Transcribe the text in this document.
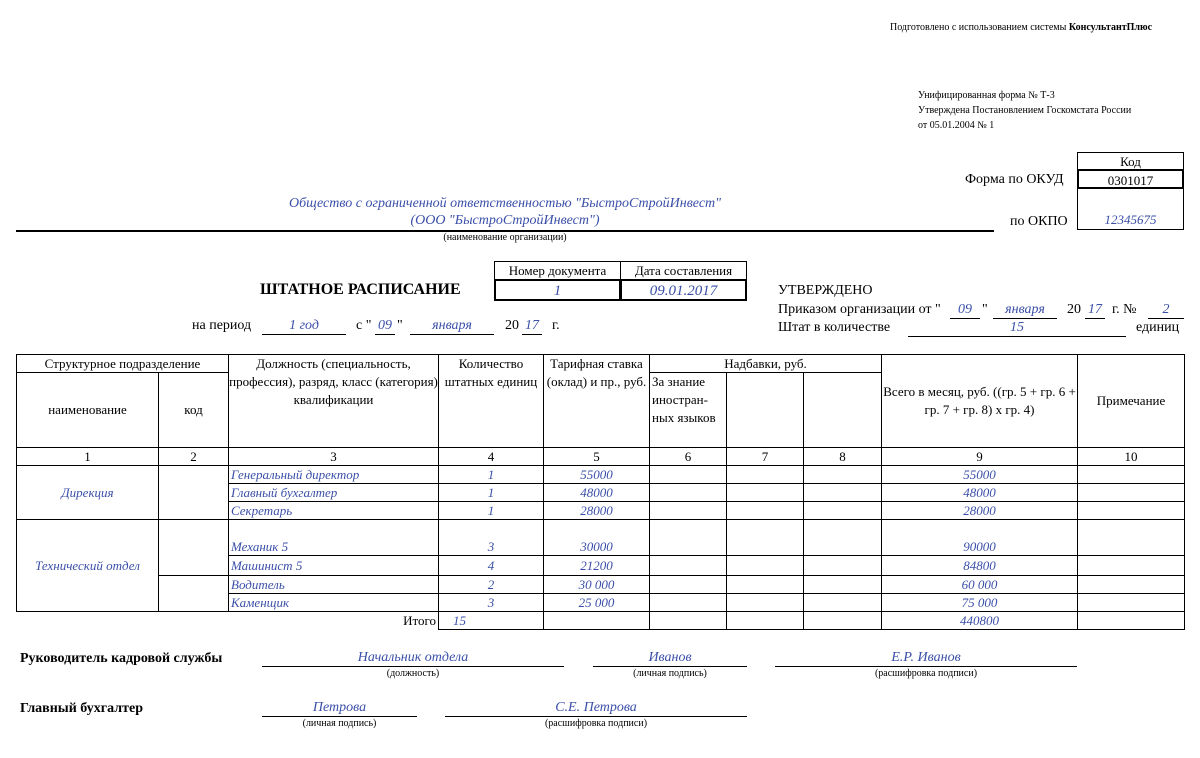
Подготовлено с использованием системы КонсультантПлюс
Унифицированная форма № Т-3
Утверждена Постановлением Госкомстата России
от 05.01.2004 № 1
Код
0301017
12345675
Форма по ОКУД
по ОКПО
Общество с ограниченной ответственностью "БыстроСтройИнвест"
(ООО "БыстроСтройИнвест")
(наименование организации)
ШТАТНОЕ РАСПИСАНИЕ
Номер документа	Дата составления
1	09.01.2017
на период	1 год	с " 09 "	января	20 17 г.
УТВЕРЖДЕНО
Приказом организации от "	09 "	января	20 17 г. №	2
Штат в количестве	15	единиц
Структурное подразделение		Должность (специальность, профессия), разряд, класс (категория) квалификации	Количество штатных единиц	Тарифная ставка (оклад) и пр., руб.	Надбавки, руб.			Всего в месяц, руб. ((гр. 5 + гр. 6 + гр. 7 + гр. 8) х гр. 4)	Примечание
наименование	код				За знание иностран-ных языков				
1	2	3	4	5	6	7	8	9	10
Дирекция		Генеральный директор	1	55000				55000	
		Главный бухгалтер	1	48000				48000	
		Секретарь	1	28000				28000	
Технический отдел		Механик 5	3	30000				90000	
		Машинист 5	4	21200				84800	
		Водитель	2	30 000				60 000	
		Каменщик	3	25 000				75 000	
Итого			15					440800	
Руководитель кадровой службы	Начальник отдела
(должность)
Иванов
(личная подпись)
Е.Р. Иванов
(расшифровка подписи)
Главный бухгалтер	Петрова
(личная подпись)
С.Е. Петрова
(расшифровка подписи)
